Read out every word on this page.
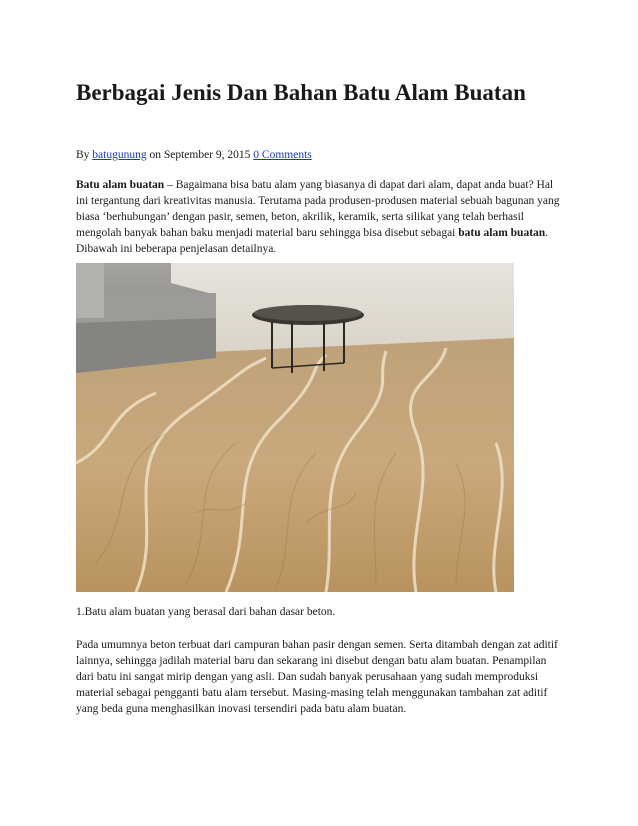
Berbagai Jenis Dan Bahan Batu Alam Buatan
By batugunung on September 9, 2015 0 Comments
Batu alam buatan – Bagaimana bisa batu alam yang biasanya di dapat dari alam, dapat anda buat? Hal ini tergantung dari kreativitas manusia. Terutama pada produsen-produsen material sebuah bagunan yang biasa ‘berhubungan’ dengan pasir, semen, beton, akrilik, keramik, serta silikat yang telah berhasil mengolah banyak bahan baku menjadi material baru sehingga bisa disebut sebagai batu alam buatan. Dibawah ini beberapa penjelasan detailnya.
1.Batu alam buatan yang berasal dari bahan dasar beton.
Pada umumnya beton terbuat dari campuran bahan pasir dengan semen. Serta ditambah dengan zat aditif lainnya, sehingga jadilah material baru dan sekarang ini disebut dengan batu alam buatan. Penampilan dari batu ini sangat mirip dengan yang asli. Dan sudah banyak perusahaan yang sudah memproduksi material sebagai pengganti batu alam tersebut. Masing-masing telah menggunakan tambahan zat aditif yang beda guna menghasilkan inovasi tersendiri pada batu alam buatan.
